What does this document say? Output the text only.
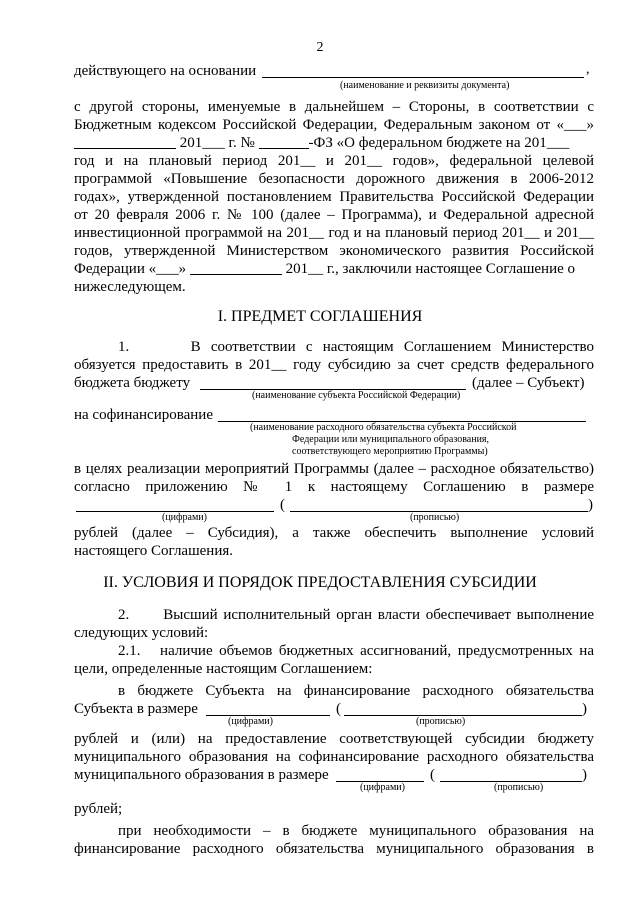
2
действующего на основании	,
(наименование и реквизиты документа)
с другой стороны, именуемые в дальнейшем – Стороны, в соответствии с
Бюджетным кодексом Российской Федерации, Федеральным законом от «___»
201___ г. №	-ФЗ «О федеральном бюджете на 201___
год и на плановый период 201__ и 201__ годов», федеральной целевой
программой «Повышение безопасности дорожного движения в 2006-2012
годах», утвержденной постановлением Правительства Российской Федерации
от 20 февраля 2006 г. № 100 (далее – Программа), и Федеральной адресной
инвестиционной программой на 201__ год и на плановый период 201__ и 201__
годов, утвержденной Министерством экономического развития Российской
Федерации «___»	201__ г., заключили настоящее Соглашение о
нижеследующем.
I. ПРЕДМЕТ СОГЛАШЕНИЯ
1.      В соответствии с настоящим Соглашением Министерство
обязуется предоставить в 201__ году субсидию за счет средств федерального
бюджета бюджету	(далее – Субъект)
(наименование субъекта Российской Федерации)
на софинансирование
(наименование расходного обязательства субъекта Российской
Федерации или муниципального образования,
соответствующего мероприятию Программы)
в целях реализации мероприятий Программы (далее – расходное обязательство)
согласно приложению № 1 к настоящему Соглашению в размере
(	)
(цифрами)	(прописью)
рублей (далее – Субсидия), а также обеспечить выполнение условий
настоящего Соглашения.
II. УСЛОВИЯ И ПОРЯДОК ПРЕДОСТАВЛЕНИЯ СУБСИДИИ
2.      Высший исполнительный орган власти обеспечивает выполнение
следующих условий:
2.1.   наличие объемов бюджетных ассигнований, предусмотренных на
цели, определенные настоящим Соглашением:
в бюджете Субъекта на финансирование расходного обязательства
Субъекта в размере	(	)
(цифрами)	(прописью)
рублей и (или) на предоставление соответствующей субсидии бюджету
муниципального образования на софинансирование расходного обязательства
муниципального образования в размере	(	)
(цифрами)	(прописью)
рублей;
при необходимости – в бюджете муниципального образования на
финансирование расходного обязательства муниципального образования в
